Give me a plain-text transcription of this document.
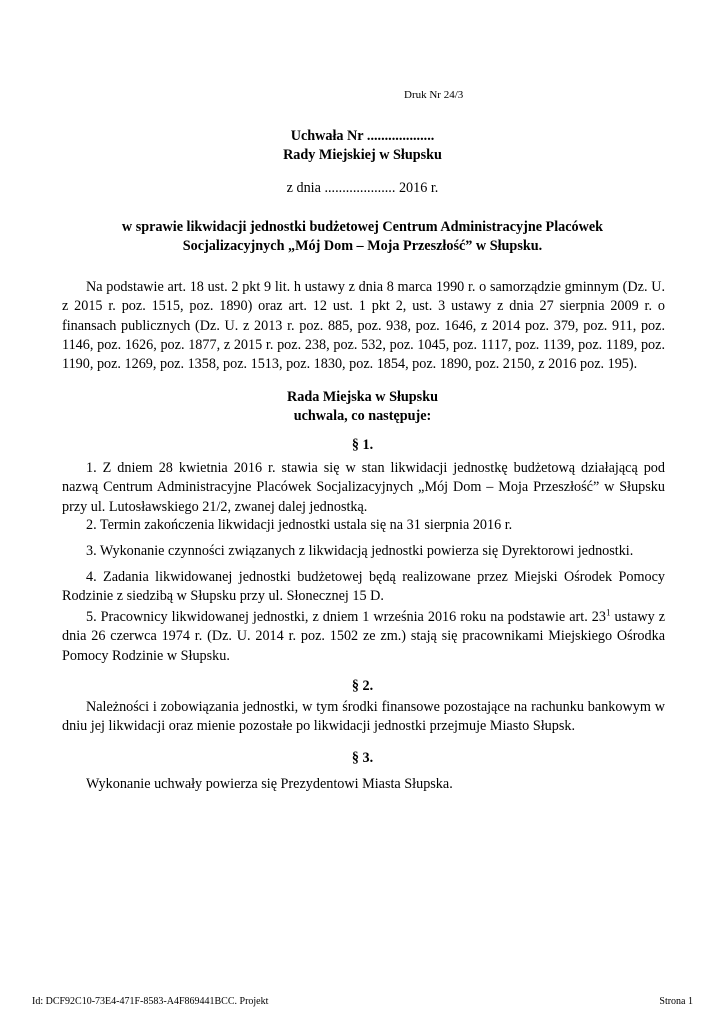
Druk Nr 24/3
Uchwała Nr ...................
Rady Miejskiej w Słupsku
z dnia .................... 2016 r.
w sprawie likwidacji jednostki budżetowej Centrum Administracyjne Placówek
Socjalizacyjnych „Mój Dom – Moja Przeszłość” w Słupsku.
Na podstawie art. 18 ust. 2 pkt 9 lit. h ustawy z dnia 8 marca 1990 r. o samorządzie gminnym (Dz. U. z 2015 r. poz. 1515, poz. 1890) oraz art. 12 ust. 1 pkt 2, ust. 3 ustawy z dnia 27 sierpnia 2009 r. o finansach publicznych (Dz. U. z 2013 r. poz. 885, poz. 938, poz. 1646, z 2014 poz. 379, poz. 911, poz. 1146, poz. 1626, poz. 1877, z 2015 r. poz. 238, poz. 532, poz. 1045, poz. 1117, poz. 1139, poz. 1189, poz. 1190, poz. 1269, poz. 1358, poz. 1513, poz. 1830, poz. 1854, poz. 1890, poz. 2150, z 2016 poz. 195).
Rada Miejska w Słupsku
uchwala, co następuje:
§ 1.
1. Z dniem 28 kwietnia 2016 r. stawia się w stan likwidacji jednostkę budżetową działającą pod nazwą Centrum Administracyjne Placówek Socjalizacyjnych „Mój Dom – Moja Przeszłość” w Słupsku przy ul. Lutosławskiego 21/2, zwanej dalej jednostką.
2. Termin zakończenia likwidacji jednostki ustala się na 31 sierpnia 2016 r.
3. Wykonanie czynności związanych z likwidacją jednostki powierza się Dyrektorowi jednostki.
4. Zadania likwidowanej jednostki budżetowej będą realizowane przez Miejski Ośrodek Pomocy Rodzinie z siedzibą w Słupsku przy ul. Słonecznej 15 D.
5. Pracownicy likwidowanej jednostki, z dniem 1 września 2016 roku na podstawie art. $23^1$ ustawy z dnia 26 czerwca 1974 r. (Dz. U. 2014 r. poz. 1502 ze zm.) stają się pracownikami Miejskiego Ośrodka Pomocy Rodzinie w Słupsku.
§ 2.
Należności i zobowiązania jednostki, w tym środki finansowe pozostające na rachunku bankowym w dniu jej likwidacji oraz mienie pozostałe po likwidacji jednostki przejmuje Miasto Słupsk.
§ 3.
Wykonanie uchwały powierza się Prezydentowi Miasta Słupska.
Id: DCF92C10-73E4-471F-8583-A4F869441BCC. Projekt	Strona 1
